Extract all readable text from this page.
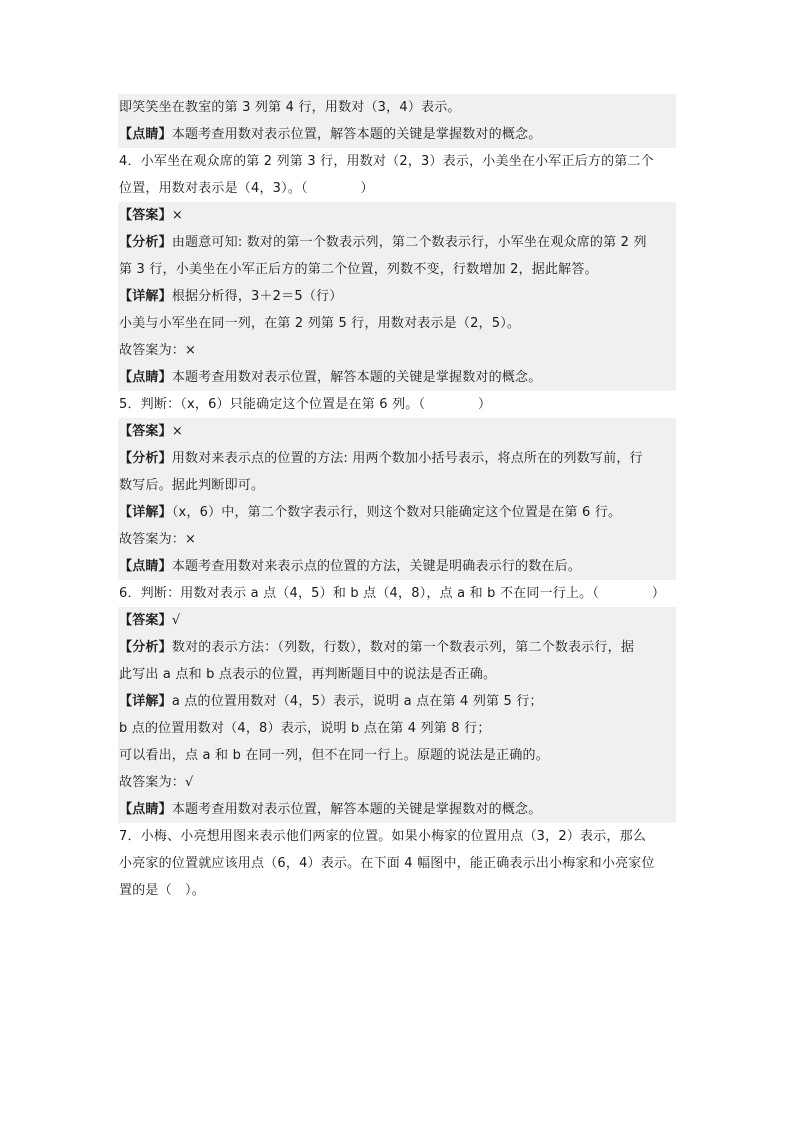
即笑笑坐在教室的第 3 列第 4 行，用数对（3，4）表示。
【点睛】本题考查用数对表示位置，解答本题的关键是掌握数对的概念。
4．小军坐在观众席的第 2 列第 3 行，用数对（2，3）表示，小美坐在小军正后方的第二个
位置，用数对表示是（4，3）。（　　　　）
【答案】×
【分析】由题意可知: 数对的第一个数表示列，第二个数表示行，小军坐在观众席的第 2 列
第 3 行，小美坐在小军正后方的第二个位置，列数不变，行数增加 2，据此解答。
【详解】根据分析得，3＋2＝5（行）
小美与小军坐在同一列，在第 2 列第 5 行，用数对表示是（2，5）。
故答案为：×
【点睛】本题考查用数对表示位置，解答本题的关键是掌握数对的概念。
5．判断：（x，6）只能确定这个位置是在第 6 列。（　　　　）
【答案】×
【分析】用数对来表示点的位置的方法: 用两个数加小括号表示，将点所在的列数写前，行
数写后。据此判断即可。
【详解】（x，6）中，第二个数字表示行，则这个数对只能确定这个位置是在第 6 行。
故答案为：×
【点睛】本题考查用数对来表示点的位置的方法，关键是明确表示行的数在后。
6．判断：用数对表示 a 点（4，5）和 b 点（4，8），点 a 和 b 不在同一行上。（　　　　）
【答案】√
【分析】数对的表示方法：（列数，行数），数对的第一个数表示列，第二个数表示行，据
此写出 a 点和 b 点表示的位置，再判断题目中的说法是否正确。
【详解】a 点的位置用数对（4，5）表示，说明 a 点在第 4 列第 5 行；
b 点的位置用数对（4，8）表示，说明 b 点在第 4 列第 8 行；
可以看出，点 a 和 b 在同一列，但不在同一行上。原题的说法是正确的。
故答案为：√
【点睛】本题考查用数对表示位置，解答本题的关键是掌握数对的概念。
7．小梅、小亮想用图来表示他们两家的位置。如果小梅家的位置用点（3，2）表示，那么
小亮家的位置就应该用点（6，4）表示。在下面 4 幅图中，能正确表示出小梅家和小亮家位
置的是（　）。
